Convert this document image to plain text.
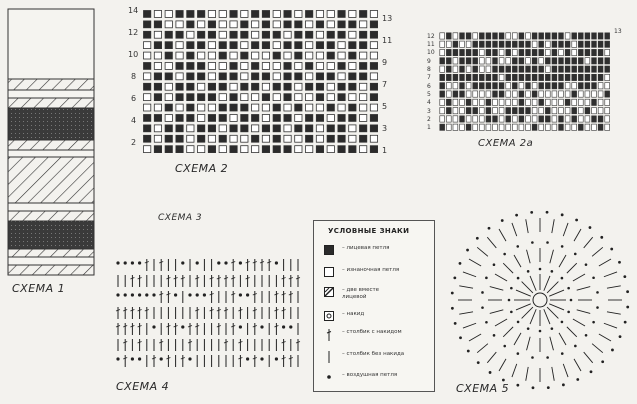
СХЕМА 1
14
12
10
8
6
4
2
13
11
9
7
5
3
1
СХЕМА 2
12
11
10
9
8
7
6
5
4
3
2
1
13
СХЕМА 2а
СХЕМА 3
СХЕМА 4
УСЛОВНЫЕ ЗНАКИ
– лицевая петля
– изнаночная петля
– две вместе лицевой
– накид
– столбик с накидом
– столбик без накида
– воздушная петля
СХЕМА 5
